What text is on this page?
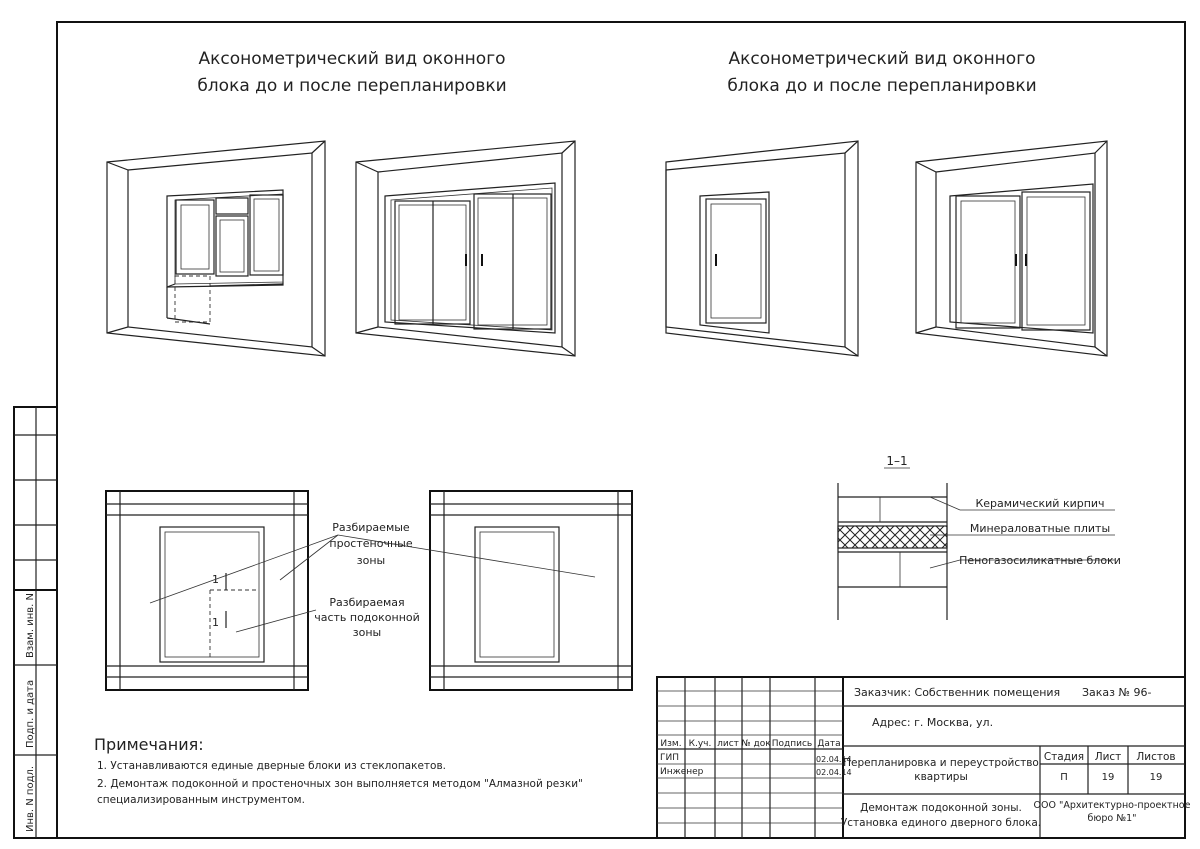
Аксонометрический вид оконного
блока до и после перепланировки
Аксонометрический вид оконного
блока до и после перепланировки
1
1
Разбираемые
простеночные
зоны
Разбираемая
часть подоконной
зоны
1–1
Керамический кирпич
Минераловатные плиты
Пеногазосиликатные блоки
Примечания:
1. Устанавливаются единые дверные блоки из стеклопакетов.
2. Демонтаж подоконной и простеночных зон выполняется методом "Алмазной резки"
специализированным инструментом.
Инв. N подл.
Подп. и дата
Взам. инв. N
Изм. К.уч. лист № док Подпись Дата
ГИП	02.04.14
Инженер	02.04.14
Заказчик: Собственник помещения Заказ № 96-
Адрес: г. Москва, ул.
Перепланировка и переустройство
квартиры
Стадия Лист Листов
П	19	19
Демонтаж подоконной зоны.
Установка единого дверного блока.
ООО "Архитектурно-проектное
бюро №1"
